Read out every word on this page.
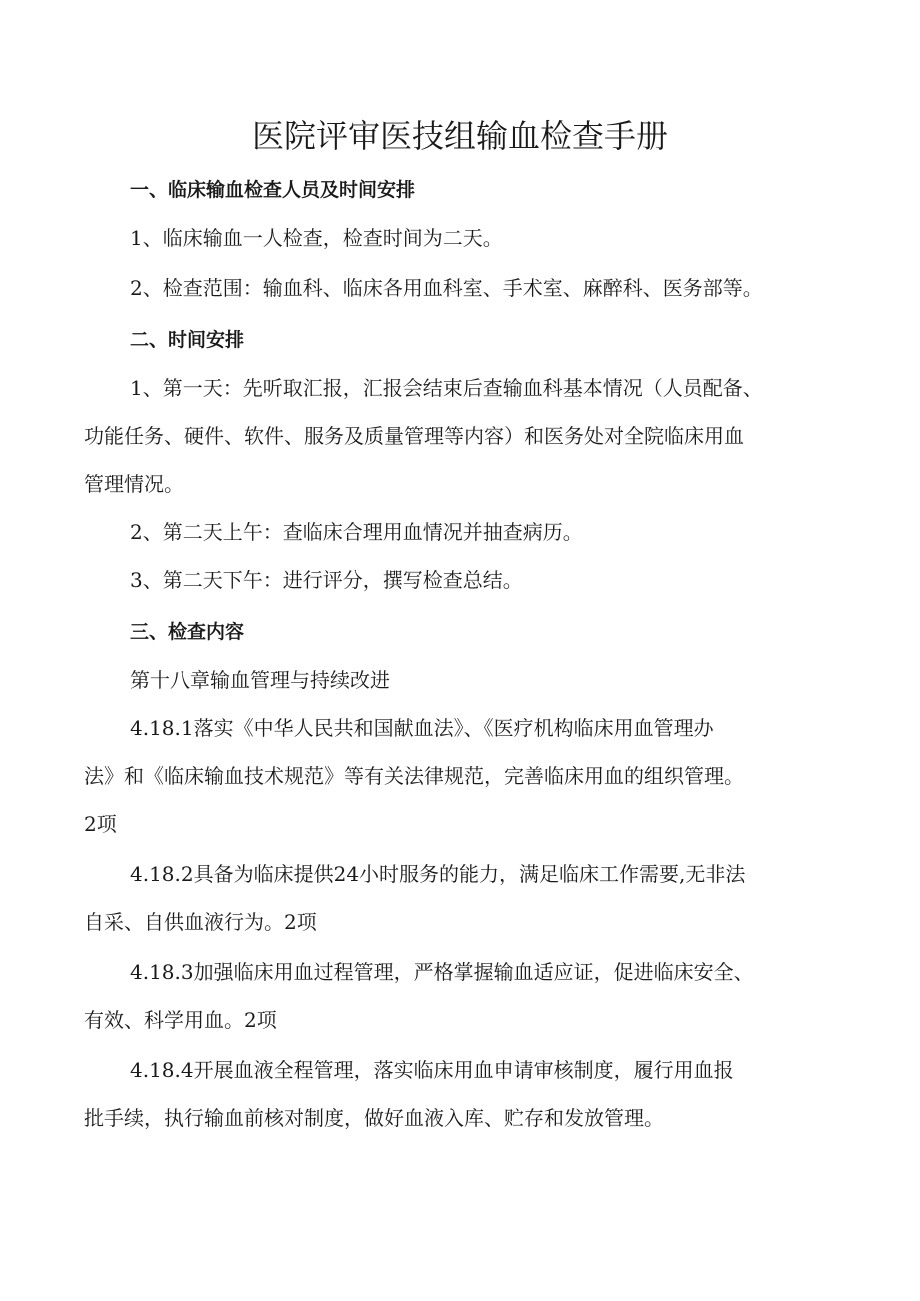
医院评审医技组输血检查手册
一、临床输血检查人员及时间安排
1、临床输血一人检查，检查时间为二天。
2、检查范围：输血科、临床各用血科室、手术室、麻醉科、医务部等。
二、时间安排
1、第一天：先听取汇报，汇报会结束后查输血科基本情况（人员配备、
功能任务、硬件、软件、服务及质量管理等内容）和医务处对全院临床用血
管理情况。
2、第二天上午：查临床合理用血情况并抽查病历。
3、第二天下午：进行评分，撰写检查总结。
三、检查内容
第十八章输血管理与持续改进
4.18.1落实《中华人民共和国献血法》、《医疗机构临床用血管理办
法》和《临床输血技术规范》等有关法律规范，完善临床用血的组织管理。
2项
4.18.2具备为临床提供24小时服务的能力，满足临床工作需要,无非法
自采、自供血液行为。2项
4.18.3加强临床用血过程管理，严格掌握输血适应证，促进临床安全、
有效、科学用血。2项
4.18.4开展血液全程管理，落实临床用血申请审核制度，履行用血报
批手续，执行输血前核对制度，做好血液入库、贮存和发放管理。
